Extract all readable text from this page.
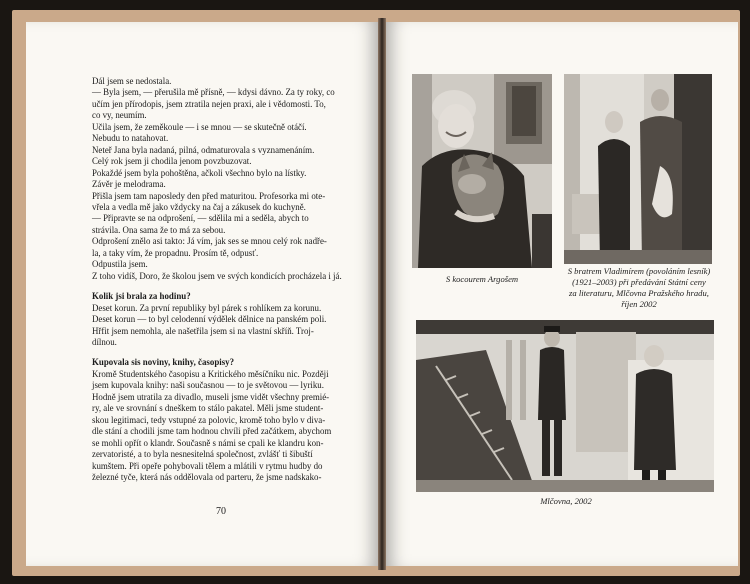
Dál jsem se nedostala.

— Byla jsem, — přerušila mě přísně, — kdysi dávno. Za ty roky, co

učím jen přírodopis, jsem ztratila nejen praxi, ale i vědomosti. To,

co vy, neumím.

Učila jsem, že zeměkoule — i se mnou — se skutečně otáčí.

Nebudu to natahovat.

Neteř Jana byla nadaná, pilná, odmaturovala s vyznamenáním.

Celý rok jsem ji chodila jenom povzbuzovat.

Pokaždé jsem byla pohoštěna, ačkoli všechno bylo na lístky.

Závěr je melodrama.

Přišla jsem tam naposledy den před maturitou. Profesorka mi ote-

vřela a vedla mě jako vždycky na čaj a zákusek do kuchyně.

— Připravte se na odprošení, — sdělila mi a seděla, abych to

strávila. Ona sama že to má za sebou.

Odprošení znělo asi takto: Já vím, jak ses se mnou celý rok nadře-

la, a taky vím, že propadnu. Prosím tě, odpusť.

Odpustila jsem.

Z toho vidíš, Doro, že školou jsem ve svých kondicích procházela i já.

Kolik jsi brala za hodinu?

Deset korun. Za první republiky byl párek s rohlíkem za korunu.

Deset korun — to byl celodenní výdělek dělnice na panském poli.

Hřfit jsem nemohla, ale našetřila jsem si na vlastní skříň. Troj-

dílnou.

Kupovala sis noviny, knihy, časopisy?

Kromě Studentského časopisu a Kritického měsíčníku nic. Později

jsem kupovala knihy: naši současnou — to je světovou — lyriku.

Hodně jsem utratila za divadlo, museli jsme vidět všechny premié-

ry, ale ve srovnání s dneškem to stálo pakatel. Měli jsme student-

skou legitimaci, tedy vstupné za polovic, kromě toho bylo v diva-

dle stání a chodili jsme tam hodnou chvíli před začátkem, abychom

se mohli opřít o klandr. Současně s námi se cpali ke klandru kon-

zervatoristé, a to byla nesnesitelná společnost, zvlášť ti šibuští

kumštem. Při opeře pohybovali tělem a mlátili v rytmu hudby do

železné tyče, která nás oddělovala od parteru, že jsme nadskako-

70
S kocourem Argošem
S bratrem Vladimírem (povoláním lesník)
(1921–2003) při předávání Státní ceny
za literaturu, Mlčovna Pražského hradu,
říjen 2002
Mlčovna, 2002
